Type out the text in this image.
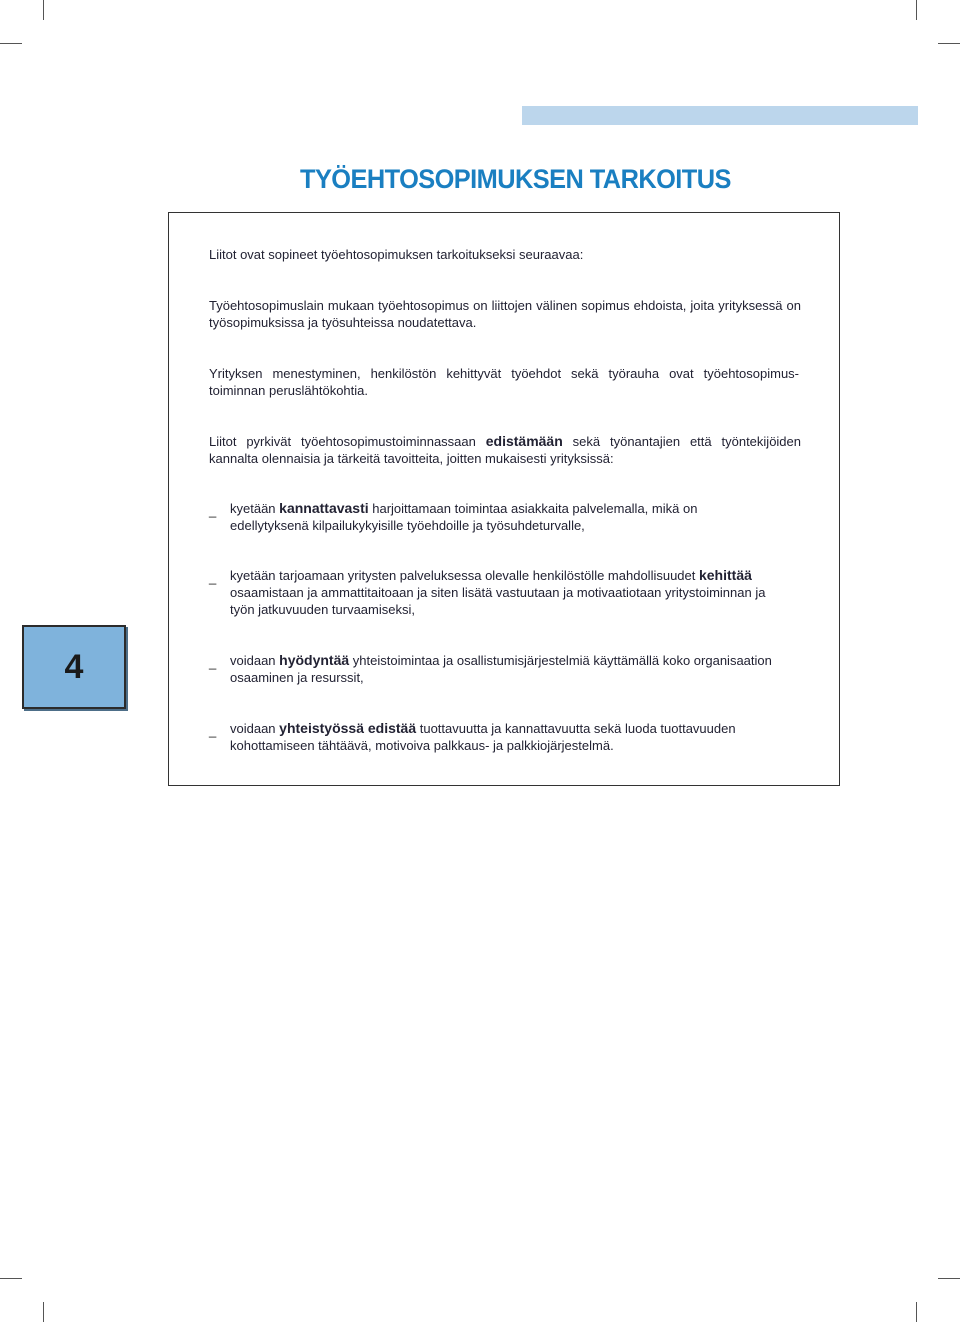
TYÖEHTOSOPIMUKSEN TARKOITUS

Liitot ovat sopineet työehtosopimuksen tarkoitukseksi seuraavaa:

Työehtosopimuslain mukaan työehtosopimus on liittojen välinen sopimus ehdoista, joita yrityksessä on työsopimuksissa ja työsuhteissa noudatettava.

Yrityksen menestyminen, henkilöstön kehittyvät työehdot sekä työrauha ovat työehtosopimus-toiminnan peruslähtökohtia.

Liitot pyrkivät työehtosopimustoiminnassaan edistämään sekä työnantajien että työntekijöiden kannalta olennaisia ja tärkeitä tavoitteita, joitten mukaisesti yrityksissä:

_ kyetään kannattavasti harjoittamaan toimintaa asiakkaita palvelemalla, mikä on edellytyksenä kilpailukykyisille työehdoille ja työsuhdeturvalle,

_ kyetään tarjoamaan yritysten palveluksessa olevalle henkilöstölle mahdollisuudet kehittää osaamistaan ja ammattitaitoaan ja siten lisätä vastuutaan ja motivaatiotaan yritystoiminnan ja työn jatkuvuuden turvaamiseksi,

_ voidaan hyödyntää yhteistoimintaa ja osallistumisjärjestelmiä käyttämällä koko organisaation osaaminen ja resurssit,

_ voidaan yhteistyössä edistää tuottavuutta ja kannattavuutta sekä luoda tuottavuuden kohottamiseen tähtäävä, motivoiva palkkaus- ja palkkiojärjestelmä.

4
